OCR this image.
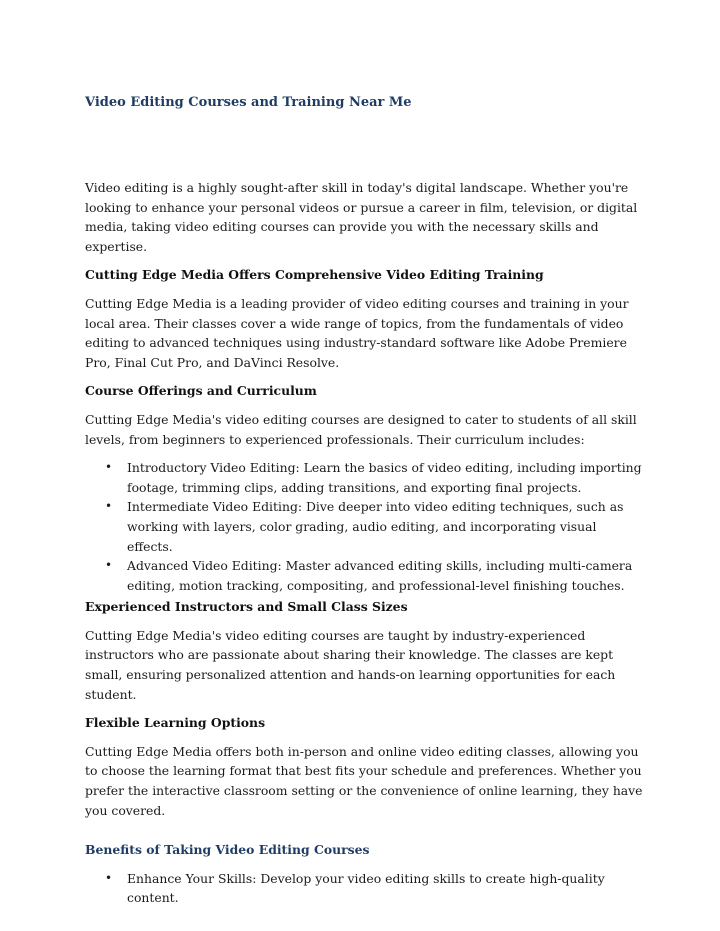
Video Editing Courses and Training Near Me

Video editing is a highly sought-after skill in today's digital landscape. Whether you're looking to enhance your personal videos or pursue a career in film, television, or digital media, taking video editing courses can provide you with the necessary skills and expertise.

Cutting Edge Media Offers Comprehensive Video Editing Training

Cutting Edge Media is a leading provider of video editing courses and training in your local area. Their classes cover a wide range of topics, from the fundamentals of video editing to advanced techniques using industry-standard software like Adobe Premiere Pro, Final Cut Pro, and DaVinci Resolve.

Course Offerings and Curriculum

Cutting Edge Media's video editing courses are designed to cater to students of all skill levels, from beginners to experienced professionals. Their curriculum includes:

• Introductory Video Editing: Learn the basics of video editing, including importing footage, trimming clips, adding transitions, and exporting final projects.
• Intermediate Video Editing: Dive deeper into video editing techniques, such as working with layers, color grading, audio editing, and incorporating visual effects.
• Advanced Video Editing: Master advanced editing skills, including multi-camera editing, motion tracking, compositing, and professional-level finishing touches.
Experienced Instructors and Small Class Sizes

Cutting Edge Media's video editing courses are taught by industry-experienced instructors who are passionate about sharing their knowledge. The classes are kept small, ensuring personalized attention and hands-on learning opportunities for each student.

Flexible Learning Options

Cutting Edge Media offers both in-person and online video editing classes, allowing you to choose the learning format that best fits your schedule and preferences. Whether you prefer the interactive classroom setting or the convenience of online learning, they have you covered.

Benefits of Taking Video Editing Courses
• Enhance Your Skills: Develop your video editing skills to create high-quality content.
